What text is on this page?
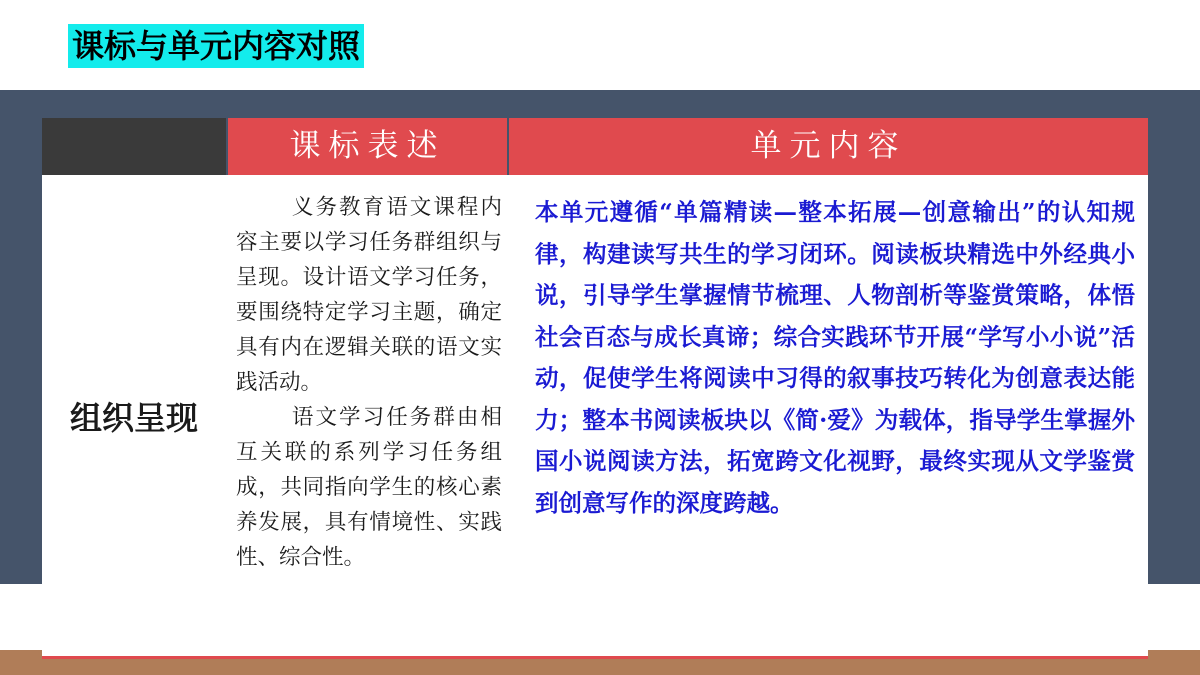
课标与单元内容对照
课标表述	单元内容
组织呈现

义务教育语文课程内容主要以学习任务群组织与呈现。设计语文学习任务，要围绕特定学习主题，确定具有内在逻辑关联的语文实践活动。

语文学习任务群由相互关联的系列学习任务组成，共同指向学生的核心素养发展，具有情境性、实践性、综合性。

本单元遵循“单篇精读—整本拓展—创意输出”的认知规律，构建读写共生的学习闭环。阅读板块精选中外经典小说，引导学生掌握情节梳理、人物剖析等鉴赏策略，体悟社会百态与成长真谛；综合实践环节开展“学写小小说”活动，促使学生将阅读中习得的叙事技巧转化为创意表达能力；整本书阅读板块以《简·爱》为载体，指导学生掌握外国小说阅读方法，拓宽跨文化视野，最终实现从文学鉴赏到创意写作的深度跨越。
